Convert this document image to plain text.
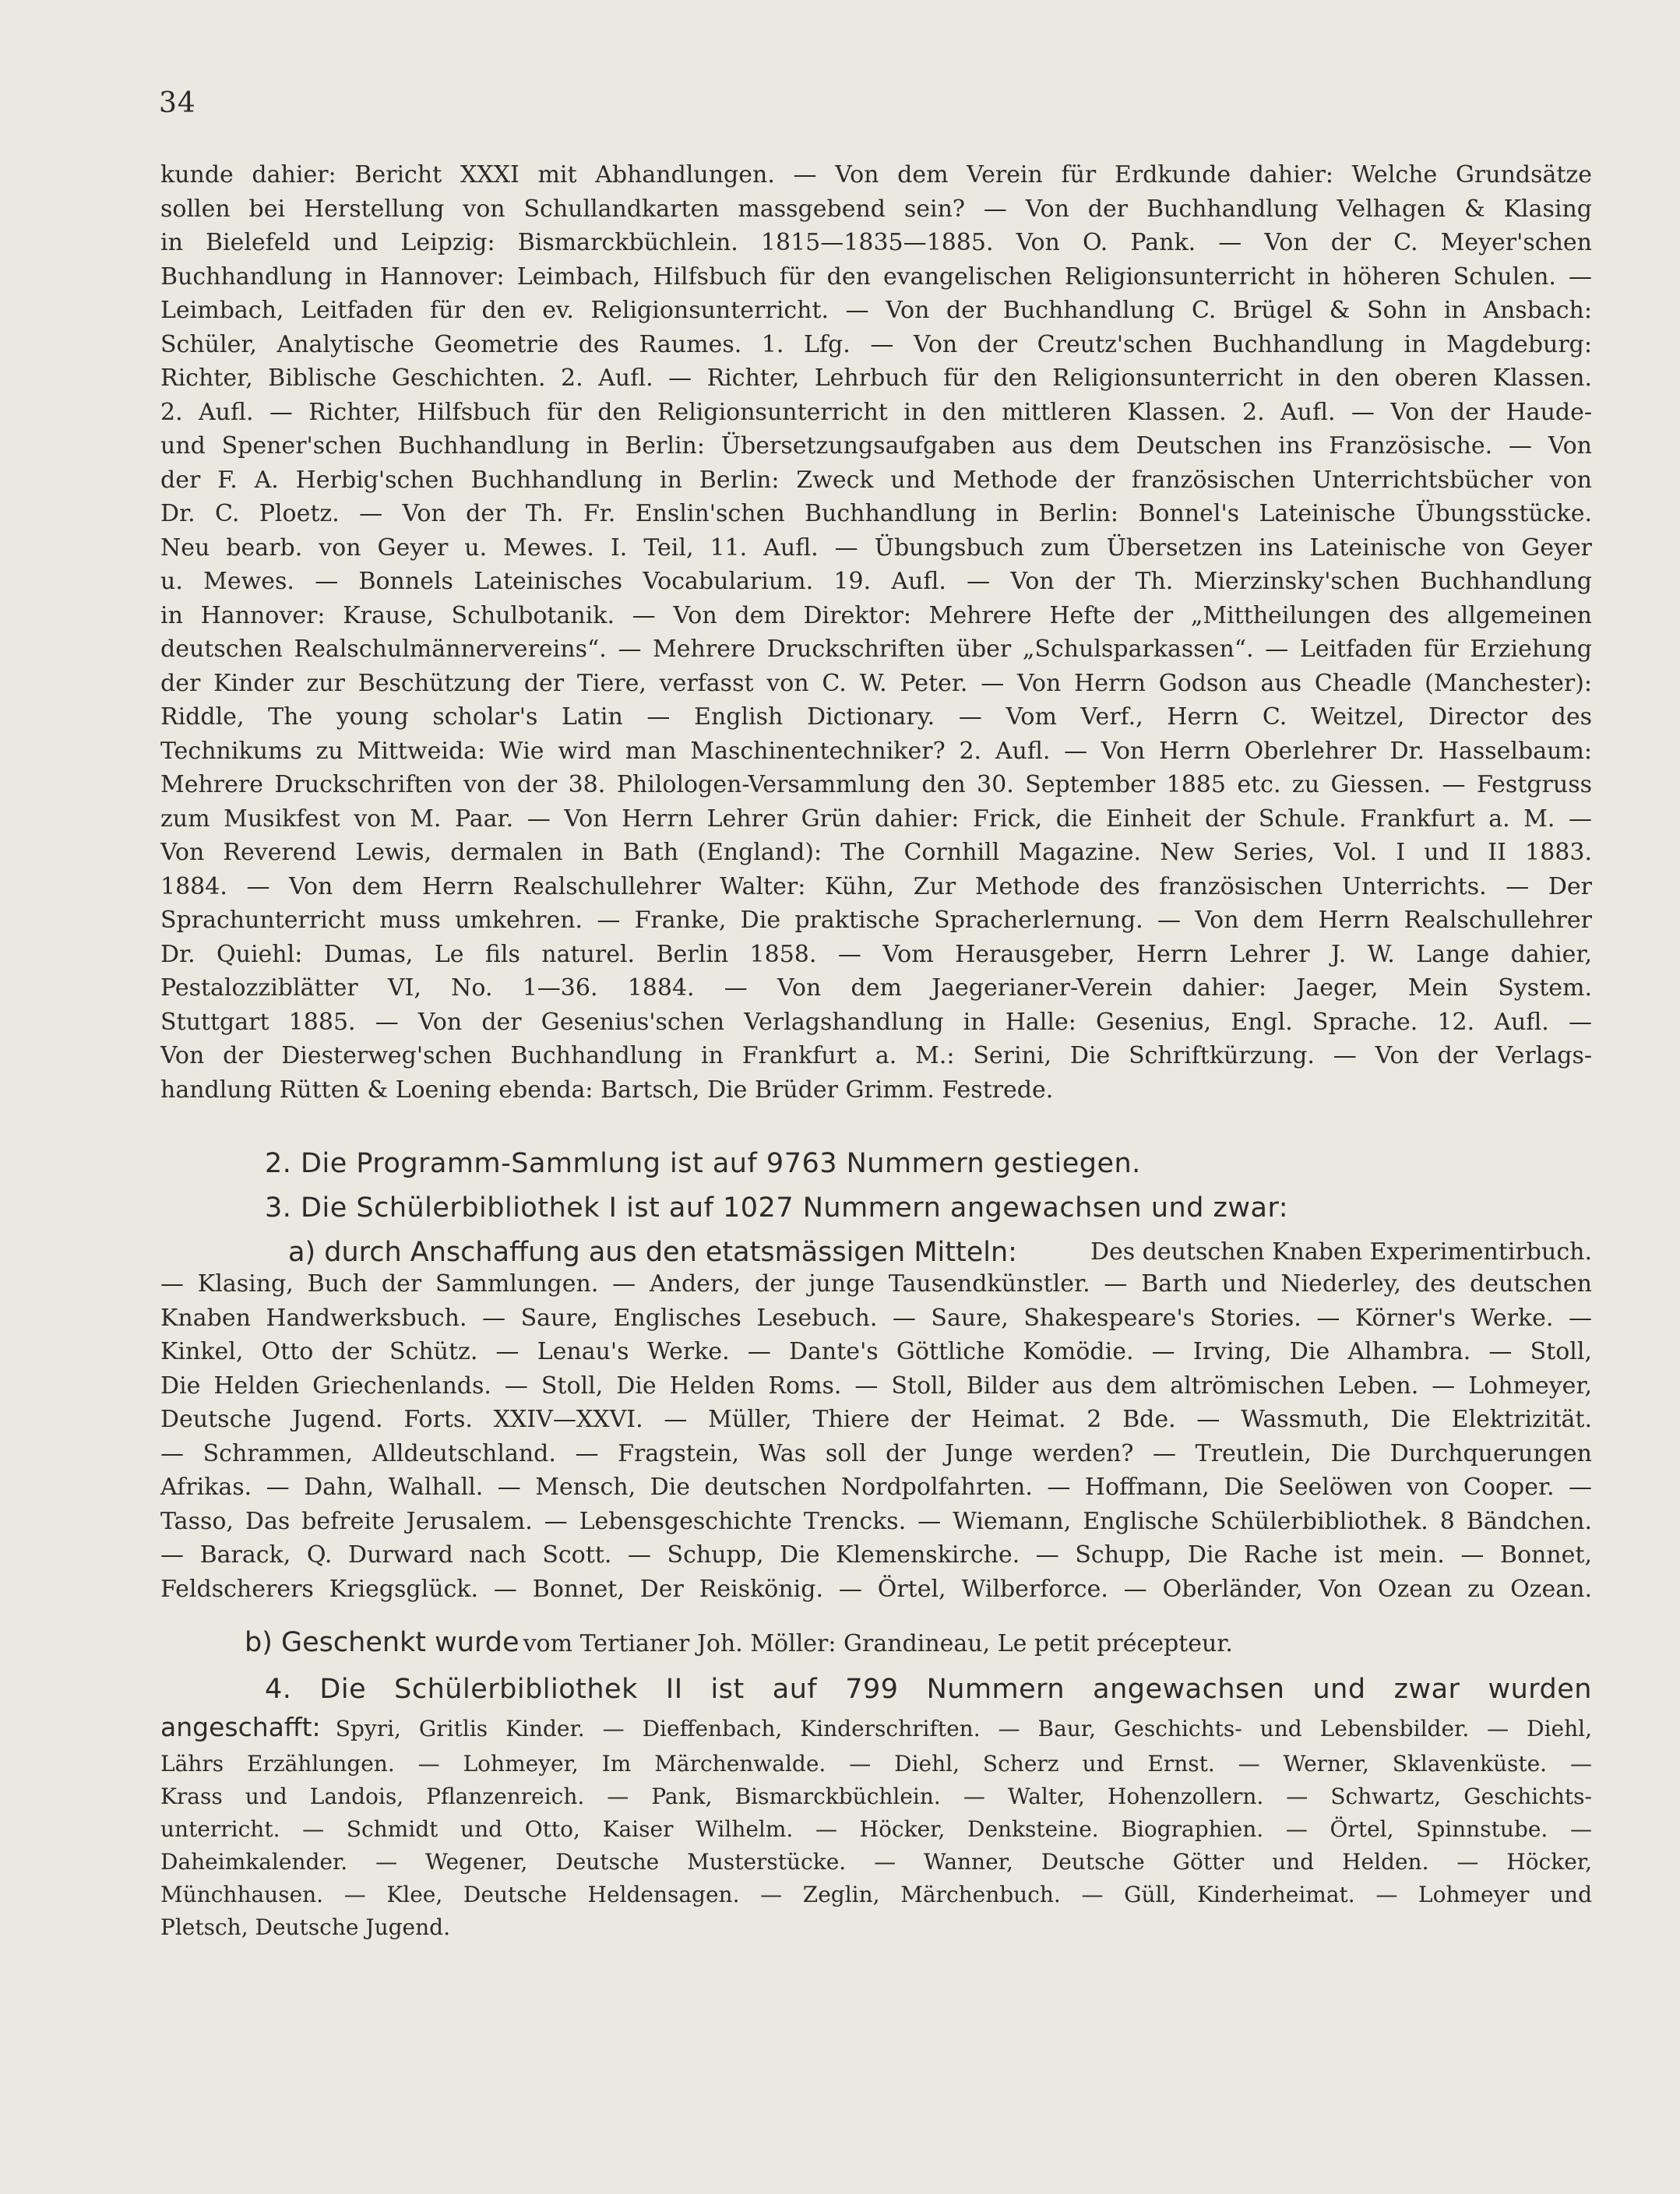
34
kunde dahier: Bericht XXXI mit Abhandlungen. — Von dem Verein für Erdkunde dahier: Welche Grundsätze
sollen bei Herstellung von Schullandkarten massgebend sein? — Von der Buchhandlung Velhagen & Klasing
in Bielefeld und Leipzig: Bismarckbüchlein. 1815—1835—1885. Von O. Pank. — Von der C. Meyer'schen
Buchhandlung in Hannover: Leimbach, Hilfsbuch für den evangelischen Religionsunterricht in höheren Schulen. —
Leimbach, Leitfaden für den ev. Religionsunterricht. — Von der Buchhandlung C. Brügel & Sohn in Ansbach:
Schüler, Analytische Geometrie des Raumes. 1. Lfg. — Von der Creutz'schen Buchhandlung in Magdeburg:
Richter, Biblische Geschichten. 2. Aufl. — Richter, Lehrbuch für den Religionsunterricht in den oberen Klassen.
2. Aufl. — Richter, Hilfsbuch für den Religionsunterricht in den mittleren Klassen. 2. Aufl. — Von der Haude-
und Spener'schen Buchhandlung in Berlin: Übersetzungsaufgaben aus dem Deutschen ins Französische. — Von
der F. A. Herbig'schen Buchhandlung in Berlin: Zweck und Methode der französischen Unterrichtsbücher von
Dr. C. Ploetz. — Von der Th. Fr. Enslin'schen Buchhandlung in Berlin: Bonnel's Lateinische Übungsstücke.
Neu bearb. von Geyer u. Mewes. I. Teil, 11. Aufl. — Übungsbuch zum Übersetzen ins Lateinische von Geyer
u. Mewes. — Bonnels Lateinisches Vocabularium. 19. Aufl. — Von der Th. Mierzinsky'schen Buchhandlung
in Hannover: Krause, Schulbotanik. — Von dem Direktor: Mehrere Hefte der „Mittheilungen des allgemeinen
deutschen Realschulmännervereins“. — Mehrere Druckschriften über „Schulsparkassen“. — Leitfaden für Erziehung
der Kinder zur Beschützung der Tiere, verfasst von C. W. Peter. — Von Herrn Godson aus Cheadle (Manchester):
Riddle, The young scholar's Latin — English Dictionary. — Vom Verf., Herrn C. Weitzel, Director des
Technikums zu Mittweida: Wie wird man Maschinentechniker? 2. Aufl. — Von Herrn Oberlehrer Dr. Hasselbaum:
Mehrere Druckschriften von der 38. Philologen-Versammlung den 30. September 1885 etc. zu Giessen. — Festgruss
zum Musikfest von M. Paar. — Von Herrn Lehrer Grün dahier: Frick, die Einheit der Schule. Frankfurt a. M. —
Von Reverend Lewis, dermalen in Bath (England): The Cornhill Magazine. New Series, Vol. I und II 1883.
1884. — Von dem Herrn Realschullehrer Walter: Kühn, Zur Methode des französischen Unterrichts. — Der
Sprachunterricht muss umkehren. — Franke, Die praktische Spracherlernung. — Von dem Herrn Realschullehrer
Dr. Quiehl: Dumas, Le fils naturel. Berlin 1858. — Vom Herausgeber, Herrn Lehrer J. W. Lange dahier,
Pestalozziblätter VI, No. 1—36. 1884. — Von dem Jaegerianer-Verein dahier: Jaeger, Mein System.
Stuttgart 1885. — Von der Gesenius'schen Verlagshandlung in Halle: Gesenius, Engl. Sprache. 12. Aufl. —
Von der Diesterweg'schen Buchhandlung in Frankfurt a. M.: Serini, Die Schriftkürzung. — Von der Verlags-
handlung Rütten & Loening ebenda: Bartsch, Die Brüder Grimm. Festrede.
2. Die Programm-Sammlung ist auf 9763 Nummern gestiegen.
3. Die Schülerbibliothek I ist auf 1027 Nummern angewachsen und zwar:
a) durch Anschaffung aus den etatsmässigen Mitteln:	Des deutschen Knaben Experimentirbuch.
— Klasing, Buch der Sammlungen. — Anders, der junge Tausendkünstler. — Barth und Niederley, des deutschen
Knaben Handwerksbuch. — Saure, Englisches Lesebuch. — Saure, Shakespeare's Stories. — Körner's Werke. —
Kinkel, Otto der Schütz. — Lenau's Werke. — Dante's Göttliche Komödie. — Irving, Die Alhambra. — Stoll,
Die Helden Griechenlands. — Stoll, Die Helden Roms. — Stoll, Bilder aus dem altrömischen Leben. — Lohmeyer,
Deutsche Jugend. Forts. XXIV—XXVI. — Müller, Thiere der Heimat. 2 Bde. — Wassmuth, Die Elektrizität.
— Schrammen, Alldeutschland. — Fragstein, Was soll der Junge werden? — Treutlein, Die Durchquerungen
Afrikas. — Dahn, Walhall. — Mensch, Die deutschen Nordpolfahrten. — Hoffmann, Die Seelöwen von Cooper. —
Tasso, Das befreite Jerusalem. — Lebensgeschichte Trencks. — Wiemann, Englische Schülerbibliothek. 8 Bändchen.
— Barack, Q. Durward nach Scott. — Schupp, Die Klemenskirche. — Schupp, Die Rache ist mein. — Bonnet,
Feldscherers Kriegsglück. — Bonnet, Der Reiskönig. — Örtel, Wilberforce. — Oberländer, Von Ozean zu Ozean.
b) Geschenkt wurde vom Tertianer Joh. Möller: Grandineau, Le petit précepteur.
4. Die Schülerbibliothek II ist auf 799 Nummern angewachsen und zwar wurden
angeschafft: Spyri, Gritlis Kinder. — Dieffenbach, Kinderschriften. — Baur, Geschichts- und Lebensbilder. — Diehl,
Lährs Erzählungen. — Lohmeyer, Im Märchenwalde. — Diehl, Scherz und Ernst. — Werner, Sklavenküste. —
Krass und Landois, Pflanzenreich. — Pank, Bismarckbüchlein. — Walter, Hohenzollern. — Schwartz, Geschichts-
unterricht. — Schmidt und Otto, Kaiser Wilhelm. — Höcker, Denksteine. Biographien. — Örtel, Spinnstube. —
Daheimkalender. — Wegener, Deutsche Musterstücke. — Wanner, Deutsche Götter und Helden. — Höcker,
Münchhausen. — Klee, Deutsche Heldensagen. — Zeglin, Märchenbuch. — Güll, Kinderheimat. — Lohmeyer und
Pletsch, Deutsche Jugend.
